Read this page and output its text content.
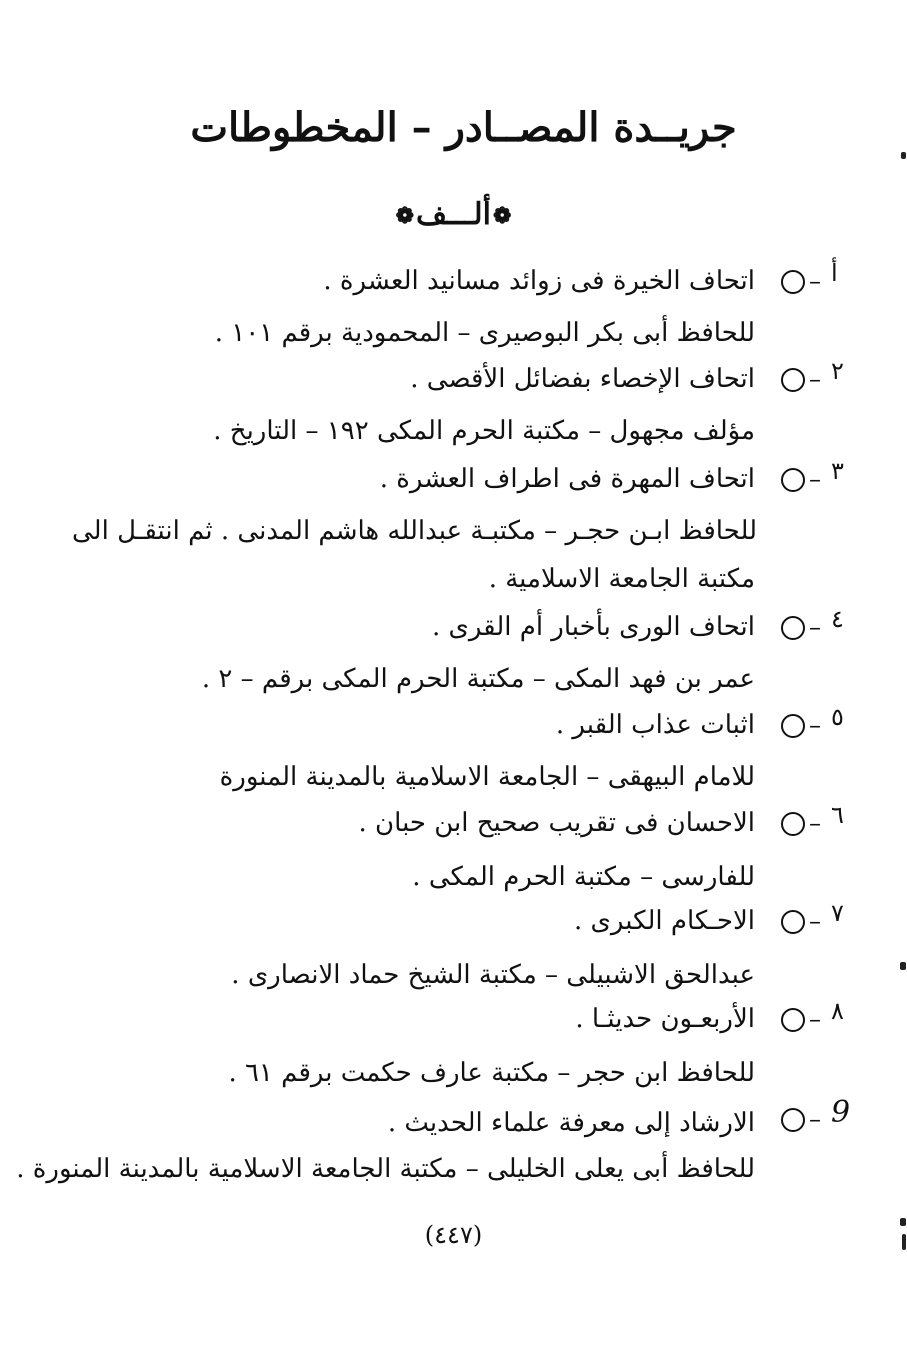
جريــدة المصــادر – المخطوطات
❁ألـــف❁
– أ
اتحاف الخيرة فى زوائد مسانيد العشرة .
للحافظ أبى بكر البوصيرى – المحمودية برقم ١٠١ .
– ٢
اتحاف الإخصاء بفضائل الأقصى .
مؤلف مجهول – مكتبة الحرم المكى ١٩٢ – التاريخ .
– ٣
اتحاف المهرة فى اطراف العشرة .
للحافظ ابـن حجـر – مكتبـة عبدالله هاشم المدنى . ثم انتقـل الى
مكتبة الجامعة الاسلامية .
– ٤
اتحاف الورى بأخبار أم القرى .
عمر بن فهد المكى – مكتبة الحرم المكى برقم – ٢ .
– ٥
اثبات عذاب القبر .
للامام البيهقى – الجامعة الاسلامية بالمدينة المنورة
– ٦
الاحسان فى تقريب صحيح ابن حبان .
للفارسى – مكتبة الحرم المكى .
– ٧
الاحـكام الكبرى .
عبدالحق الاشبيلى – مكتبة الشيخ حماد الانصارى .
– ٨
الأربعـون حديثـا .
للحافظ ابن حجر – مكتبة عارف حكمت برقم ٦١ .
– 9
الارشاد إلى معرفة علماء الحديث .
للحافظ أبى يعلى الخليلى – مكتبة الجامعة الاسلامية بالمدينة المنورة .
(٤٤٧)
